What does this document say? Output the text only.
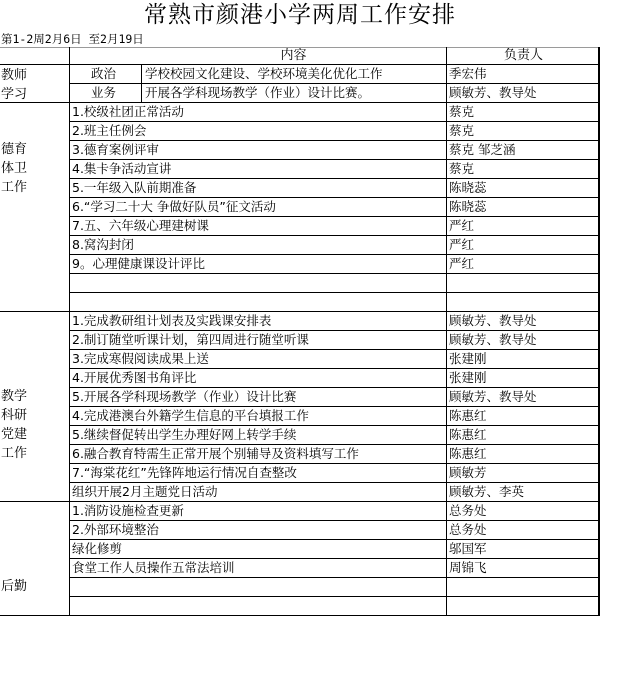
常熟市颜港小学两周工作安排
第1-2周2月6日 至2月19日
内容	负责人
政治	学校校园文化建设、学校环境美化优化工作	季宏伟
业务	开展各学科现场教学（作业）设计比赛。	顾敏芳、教导处
教师
学习
1.校级社团正常活动	蔡克
2.班主任例会	蔡克
3.德育案例评审	蔡克 邹芝涵
4.集卡争活动宣讲	蔡克
5.一年级入队前期准备	陈晓蕊
6.“学习二十大 争做好队员”征文活动	陈晓蕊
7.五、六年级心理建树课	严红
8.窝沟封闭	严红
9。心理健康课设计评比	严红
德育
体卫
工作
1.完成教研组计划表及实践课安排表	顾敏芳、教导处
2.制订随堂听课计划，第四周进行随堂听课	顾敏芳、教导处
3.完成寒假阅读成果上送	张建刚
4.开展优秀图书角评比	张建刚
5.开展各学科现场教学（作业）设计比赛	顾敏芳、教导处
4.完成港澳台外籍学生信息的平台填报工作	陈惠红
5.继续督促转出学生办理好网上转学手续	陈惠红
6.融合教育特需生正常开展个别辅导及资料填写工作	陈惠红
7.“海棠花红”先锋阵地运行情况自查整改	顾敏芳
组织开展2月主题党日活动	顾敏芳、李英
教学
科研
党建
工作
1.消防设施检查更新	总务处
2.外部环境整治	总务处
绿化修剪	邬国军
食堂工作人员操作五常法培训	周锦飞
后勤
